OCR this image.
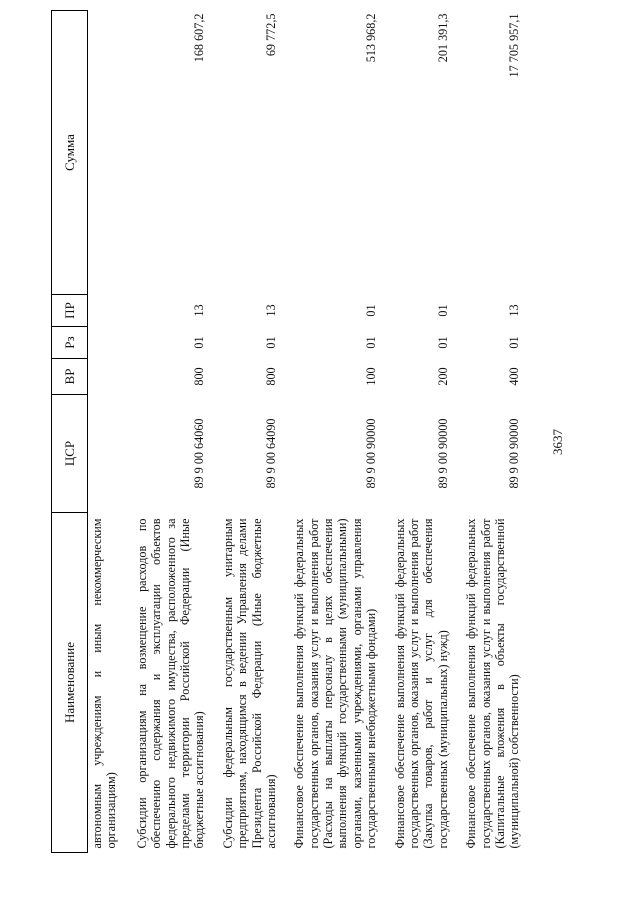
3637
Наименование	ЦСР	ВР	Рз	ПР	Сумма
автономным учреждениям и иным некоммерческим организациям)					
Субсидии организациям на возмещение расходов по обеспечению содержания и эксплуатации объектов федерального недвижимого имущества, расположенного за пределами территории Российской Федерации (Иные бюджетные ассигнования)	89 9 00 64060	800	01	13	168 607,2
Субсидии федеральным государственным унитарным предприятиям, находящимся в ведении Управления делами Президента Российской Федерации (Иные бюджетные ассигнования)	89 9 00 64090	800	01	13	69 772,5
Финансовое обеспечение выполнения функций федеральных государственных органов, оказания услуг и выполнения работ (Расходы на выплаты персоналу в целях обеспечения выполнения функций государственными (муниципальными) органами, казенными учреждениями, органами управления государственными внебюджетными фондами)	89 9 00 90000	100	01	01	513 968,2
Финансовое обеспечение выполнения функций федеральных государственных органов, оказания услуг и выполнения работ (Закупка товаров, работ и услуг для обеспечения государственных (муниципальных) нужд)	89 9 00 90000	200	01	01	201 391,3
Финансовое обеспечение выполнения функций федеральных государственных органов, оказания услуг и выполнения работ (Капитальные вложения в объекты государственной (муниципальной) собственности)	89 9 00 90000	400	01	13	17 705 957,1
